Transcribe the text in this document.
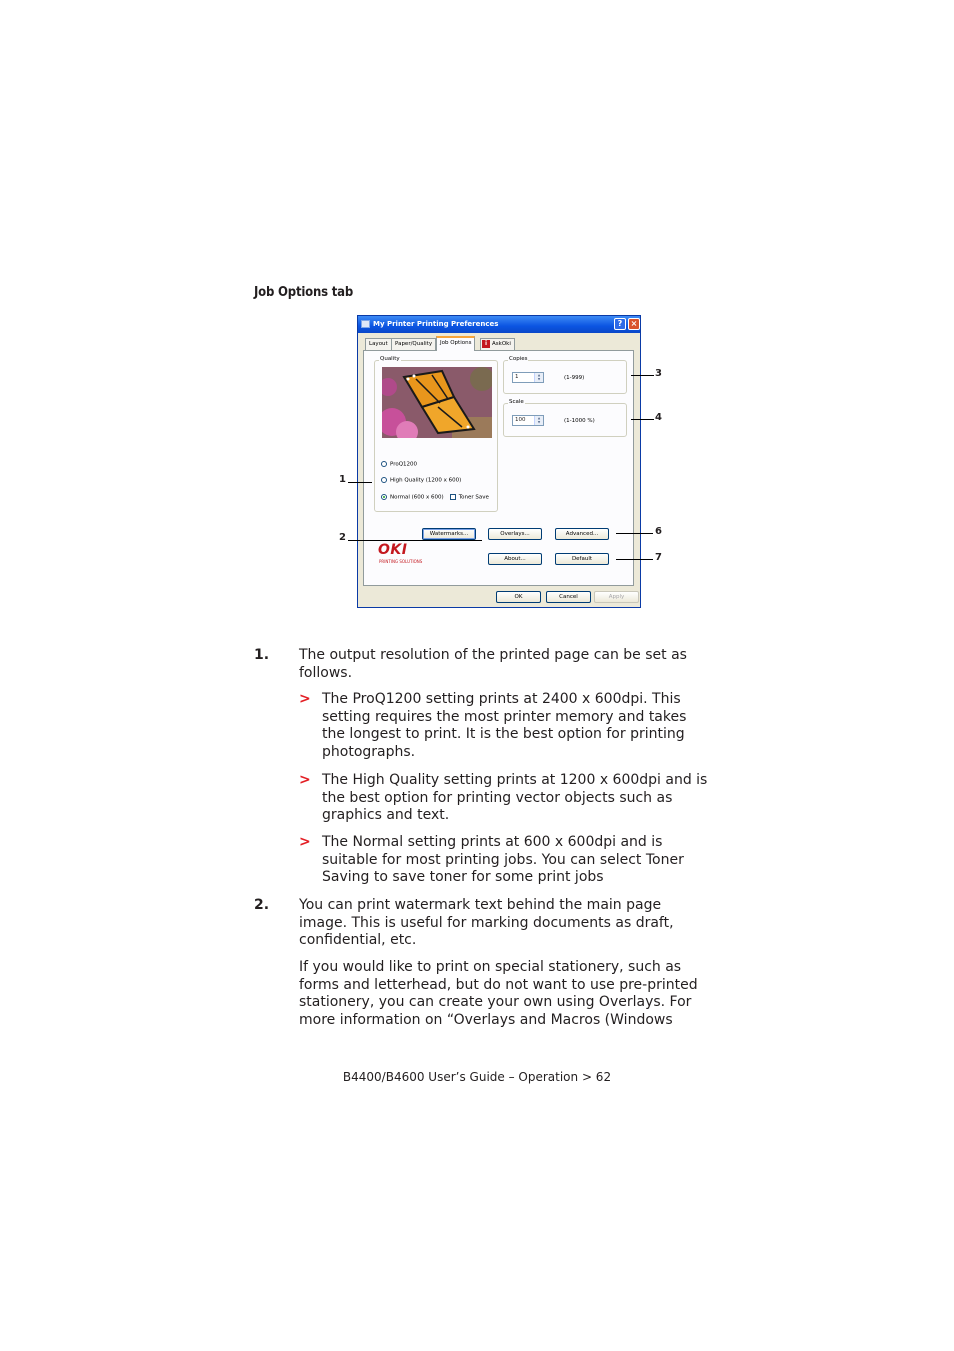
Job Options tab
My Printer Printing Preferences	?	×
Layout	Paper/Quality	Job Options	i AskOki
Quality
ProQ1200
High Quality (1200 x 600)
Normal (600 x 600)	Toner Save
Copies
1	▲
▼	(1-999)
Scale
100	▲
▼	(1-1000 %)
Watermarks...	Overlays...	Advanced...
About...	Default
OKI
PRINTING SOLUTIONS
OK	Cancel	Apply
1
2
3
4
6
7
1. The output resolution of the printed page can be set as
follows.
> The ProQ1200 setting prints at 2400 x 600dpi. This
setting requires the most printer memory and takes
the longest to print. It is the best option for printing
photographs.
> The High Quality setting prints at 1200 x 600dpi and is
the best option for printing vector objects such as
graphics and text.
> The Normal setting prints at 600 x 600dpi and is
suitable for most printing jobs. You can select Toner
Saving to save toner for some print jobs
2. You can print watermark text behind the main page
image. This is useful for marking documents as draft,
confidential, etc.
If you would like to print on special stationery, such as
forms and letterhead, but do not want to use pre-printed
stationery, you can create your own using Overlays. For
more information on “Overlays and Macros (Windows
B4400/B4600 User’s Guide – Operation > 62
